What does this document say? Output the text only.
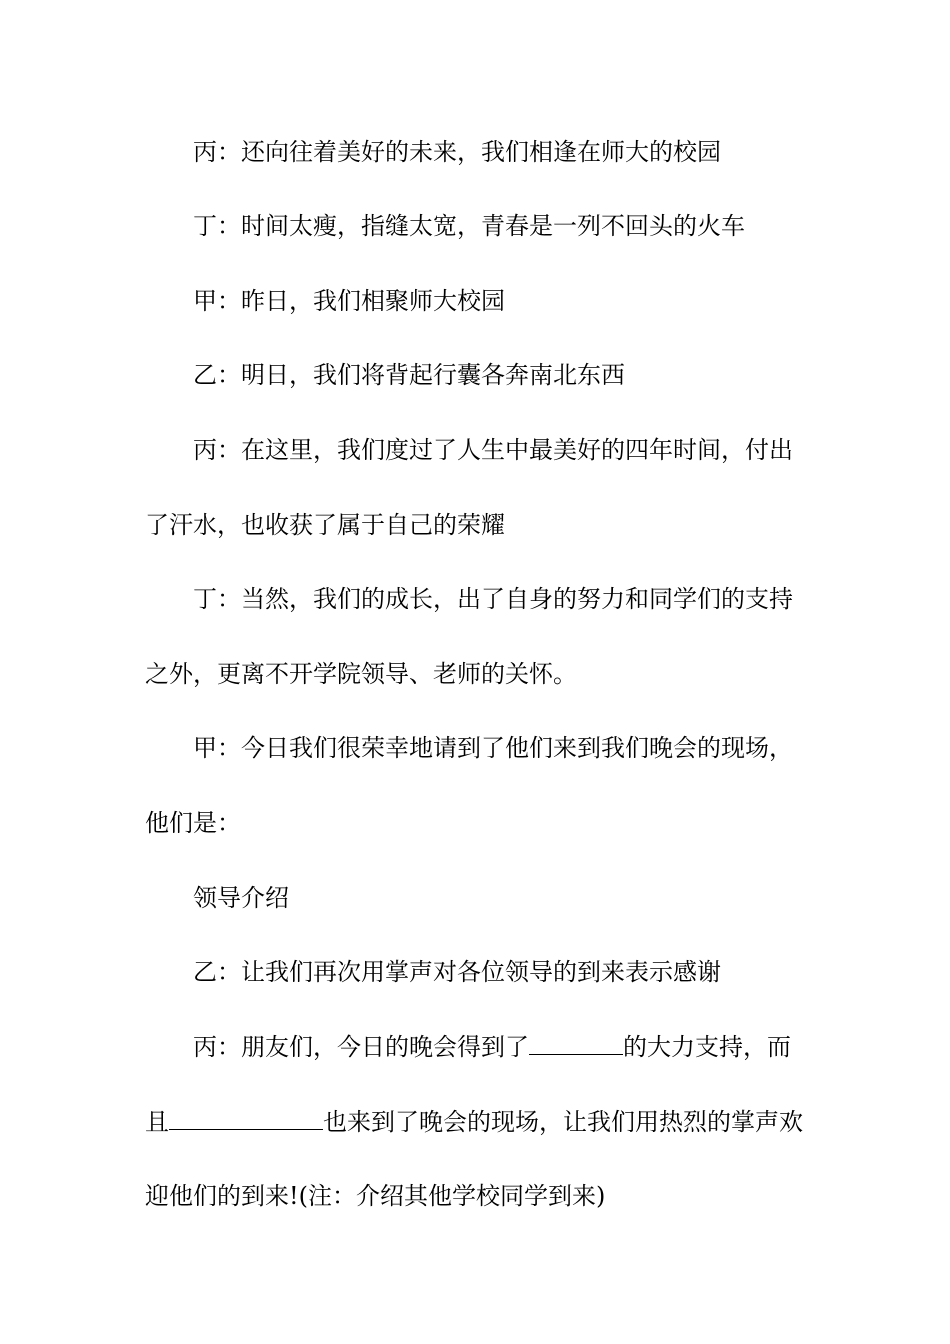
丙：还向往着美好的未来，我们相逢在师大的校园
丁：时间太瘦，指缝太宽，青春是一列不回头的火车
甲：昨日，我们相聚师大校园
乙：明日，我们将背起行囊各奔南北东西
丙：在这里，我们度过了人生中最美好的四年时间，付出
了汗水，也收获了属于自己的荣耀
丁：当然，我们的成长，出了自身的努力和同学们的支持
之外，更离不开学院领导、老师的关怀。
甲：今日我们很荣幸地请到了他们来到我们晚会的现场，
他们是：
领导介绍
乙：让我们再次用掌声对各位领导的到来表示感谢
丙：朋友们，今日的晚会得到了	的大力支持，而
且	也来到了晚会的现场，让我们用热烈的掌声欢
迎他们的到来!(注：介绍其他学校同学到来)
